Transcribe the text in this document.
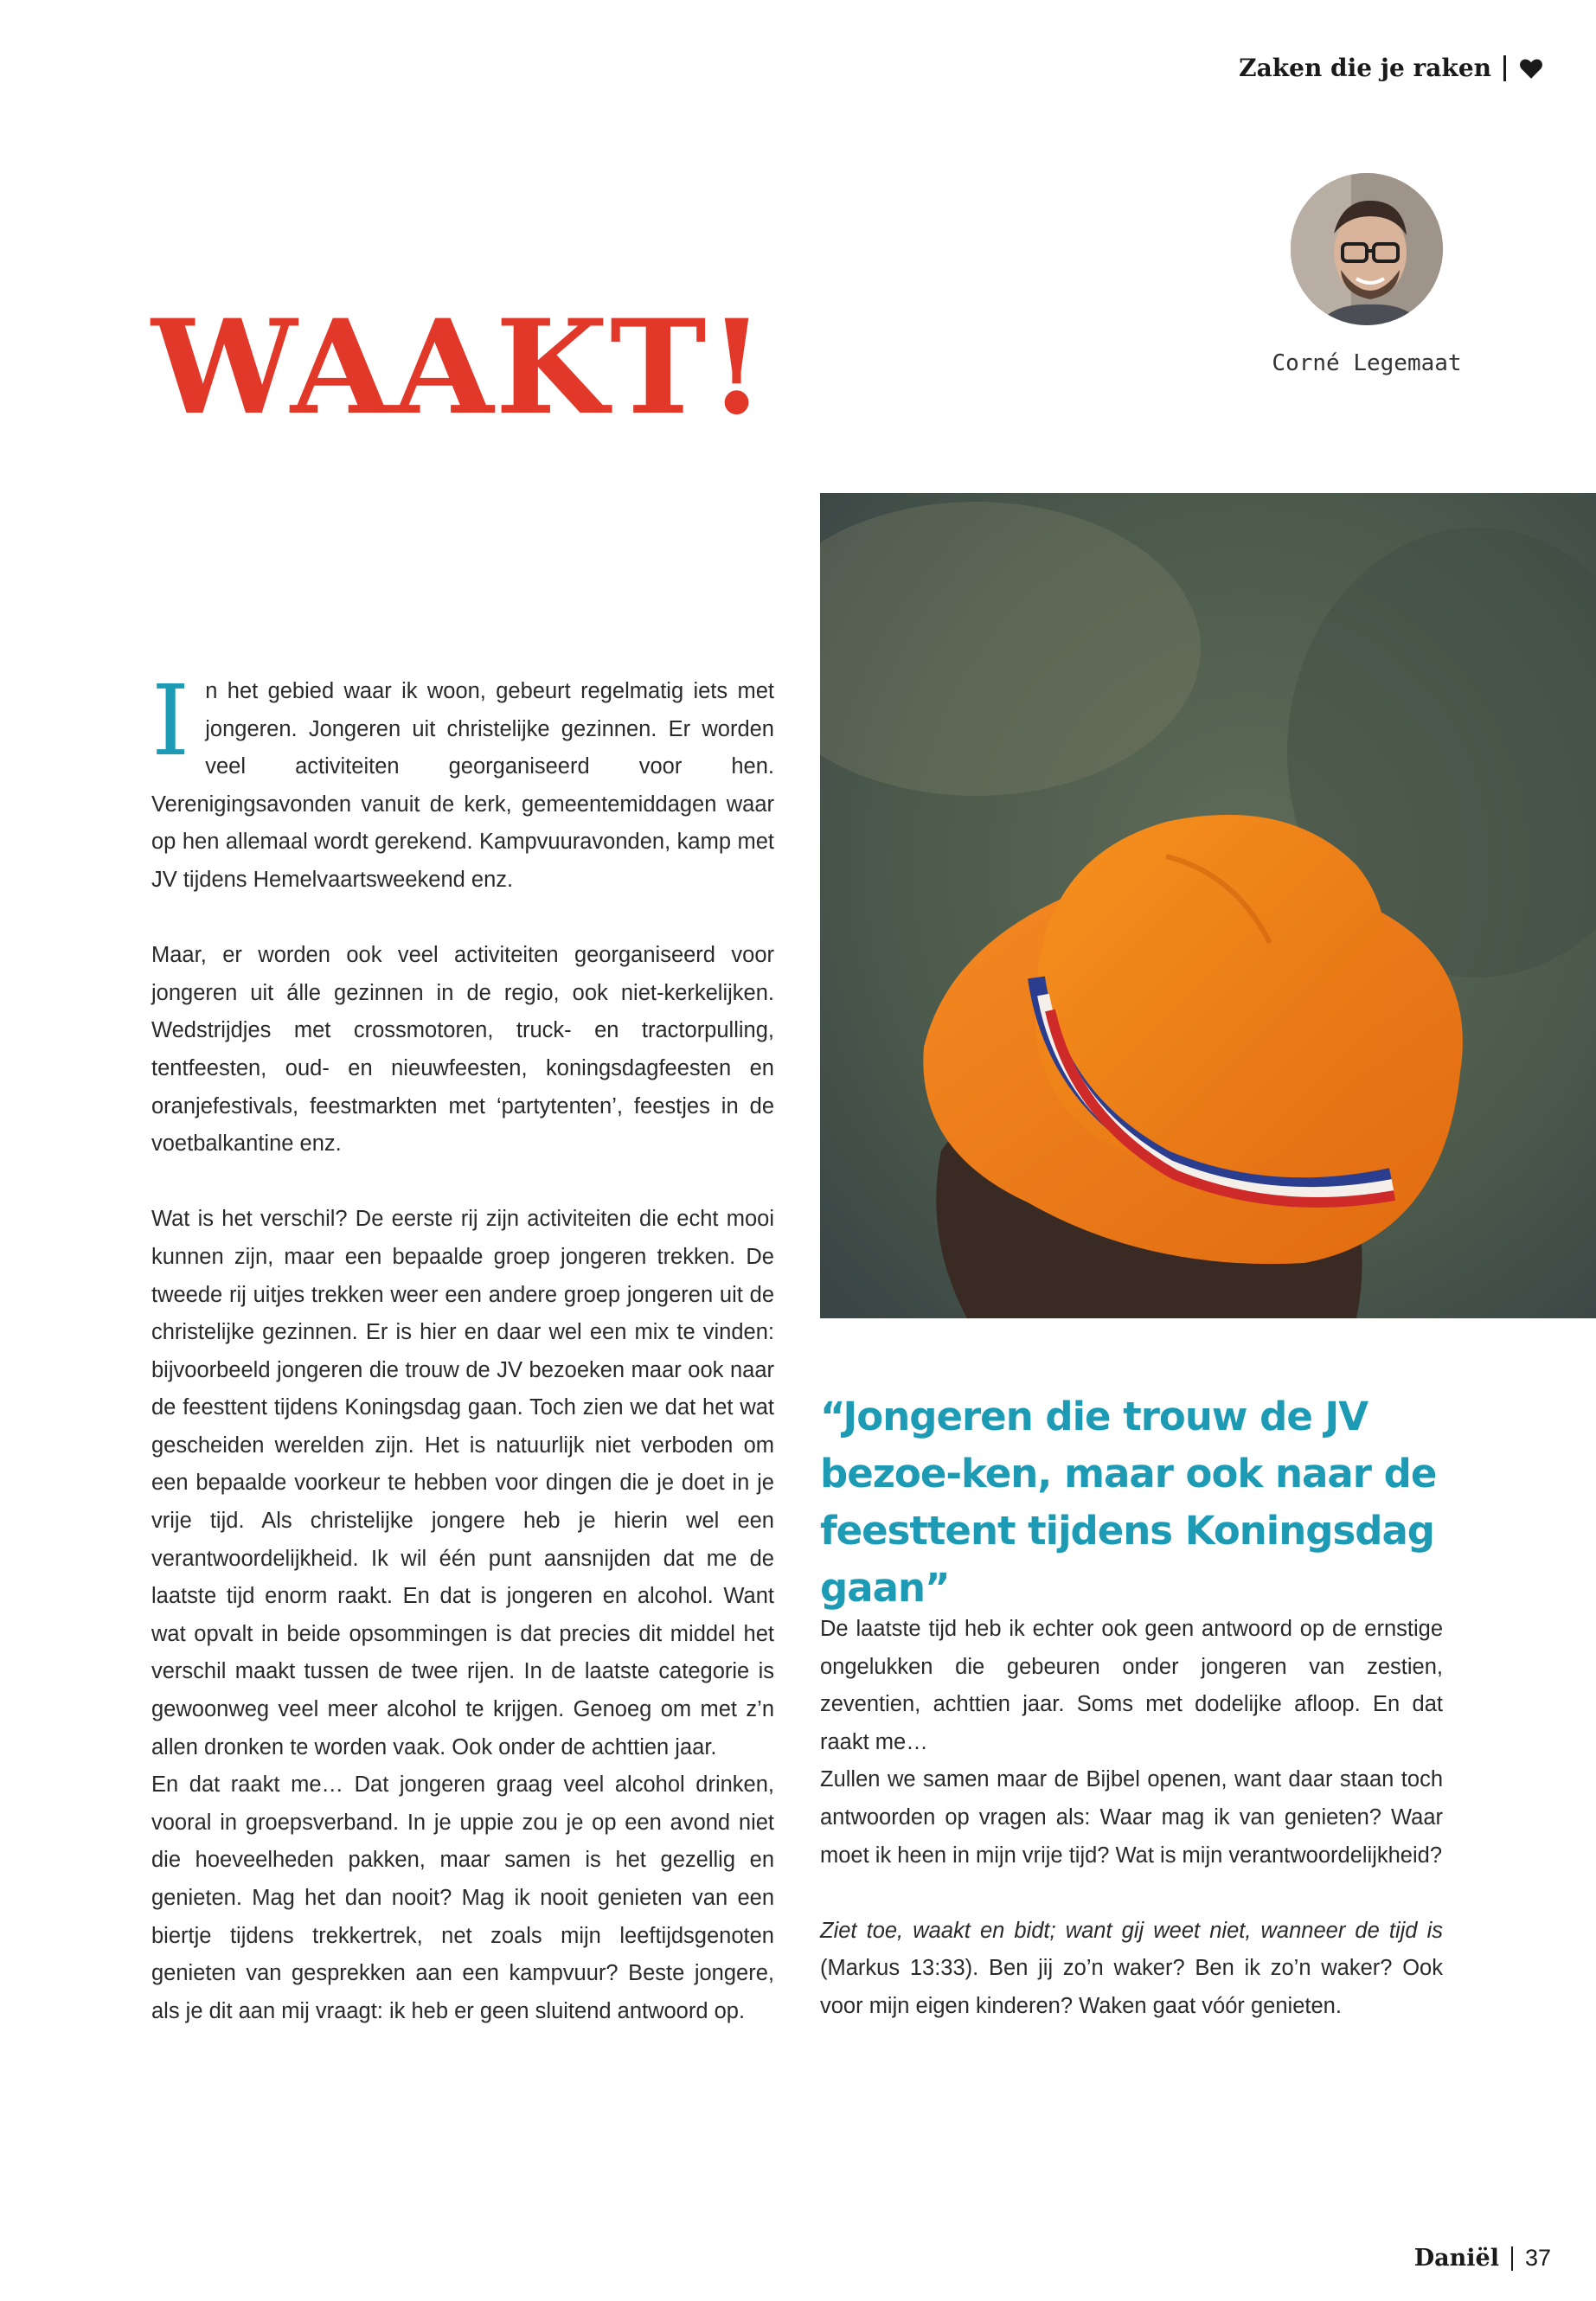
Zaken die je raken
Corné Legemaat
WAAKT!

In het gebied waar ik woon, gebeurt regelmatig iets met jongeren. Jongeren uit christelijke gezinnen. Er worden veel activiteiten georganiseerd voor hen. Verenigingsavonden vanuit de kerk, gemeentemiddagen waar op hen allemaal wordt gerekend. Kampvuuravonden, kamp met JV tijdens Hemelvaartsweekend enz.

Maar, er worden ook veel activiteiten georganiseerd voor jongeren uit álle gezinnen in de regio, ook niet-kerkelijken. Wedstrijdjes met crossmotoren, truck- en tractorpulling, tentfeesten, oud- en nieuwfeesten, koningsdagfeesten en oranjefestivals, feestmarkten met ‘partytenten’, feestjes in de voetbalkantine enz.

Wat is het verschil? De eerste rij zijn activiteiten die echt mooi kunnen zijn, maar een bepaalde groep jongeren trekken. De tweede rij uitjes trekken weer een andere groep jongeren uit de christelijke gezinnen. Er is hier en daar wel een mix te vinden: bijvoorbeeld jongeren die trouw de JV bezoeken maar ook naar de feesttent tijdens Koningsdag gaan. Toch zien we dat het wat gescheiden werelden zijn. Het is natuurlijk niet verboden om een bepaalde voorkeur te hebben voor dingen die je doet in je vrije tijd. Als christelijke jongere heb je hierin wel een verantwoordelijkheid. Ik wil één punt aansnijden dat me de laatste tijd enorm raakt. En dat is jongeren en alcohol. Want wat opvalt in beide opsommingen is dat precies dit middel het verschil maakt tussen de twee rijen. In de laatste categorie is gewoonweg veel meer alcohol te krijgen. Genoeg om met z’n allen dronken te worden vaak. Ook onder de achttien jaar.

En dat raakt me… Dat jongeren graag veel alcohol drinken, vooral in groepsverband. In je uppie zou je op een avond niet die hoeveelheden pakken, maar samen is het gezellig en genieten. Mag het dan nooit? Mag ik nooit genieten van een biertje tijdens trekkertrek, net zoals mijn leeftijdsgenoten genieten van gesprekken aan een kampvuur? Beste jongere, als je dit aan mij vraagt: ik heb er geen sluitend antwoord op.

“Jongeren die trouw de JV bezoe-ken, maar ook naar de feesttent tijdens Koningsdag gaan”

De laatste tijd heb ik echter ook geen antwoord op de ernstige ongelukken die gebeuren onder jongeren van zestien, zeventien, achttien jaar. Soms met dodelijke afloop. En dat raakt me…

Zullen we samen maar de Bijbel openen, want daar staan toch antwoorden op vragen als: Waar mag ik van genieten? Waar moet ik heen in mijn vrije tijd? Wat is mijn verantwoordelijkheid?

Ziet toe, waakt en bidt; want gij weet niet, wanneer de tijd is (Markus 13:33). Ben jij zo’n waker? Ben ik zo’n waker? Ook voor mijn eigen kinderen? Waken gaat vóór genieten.

Daniël 37
